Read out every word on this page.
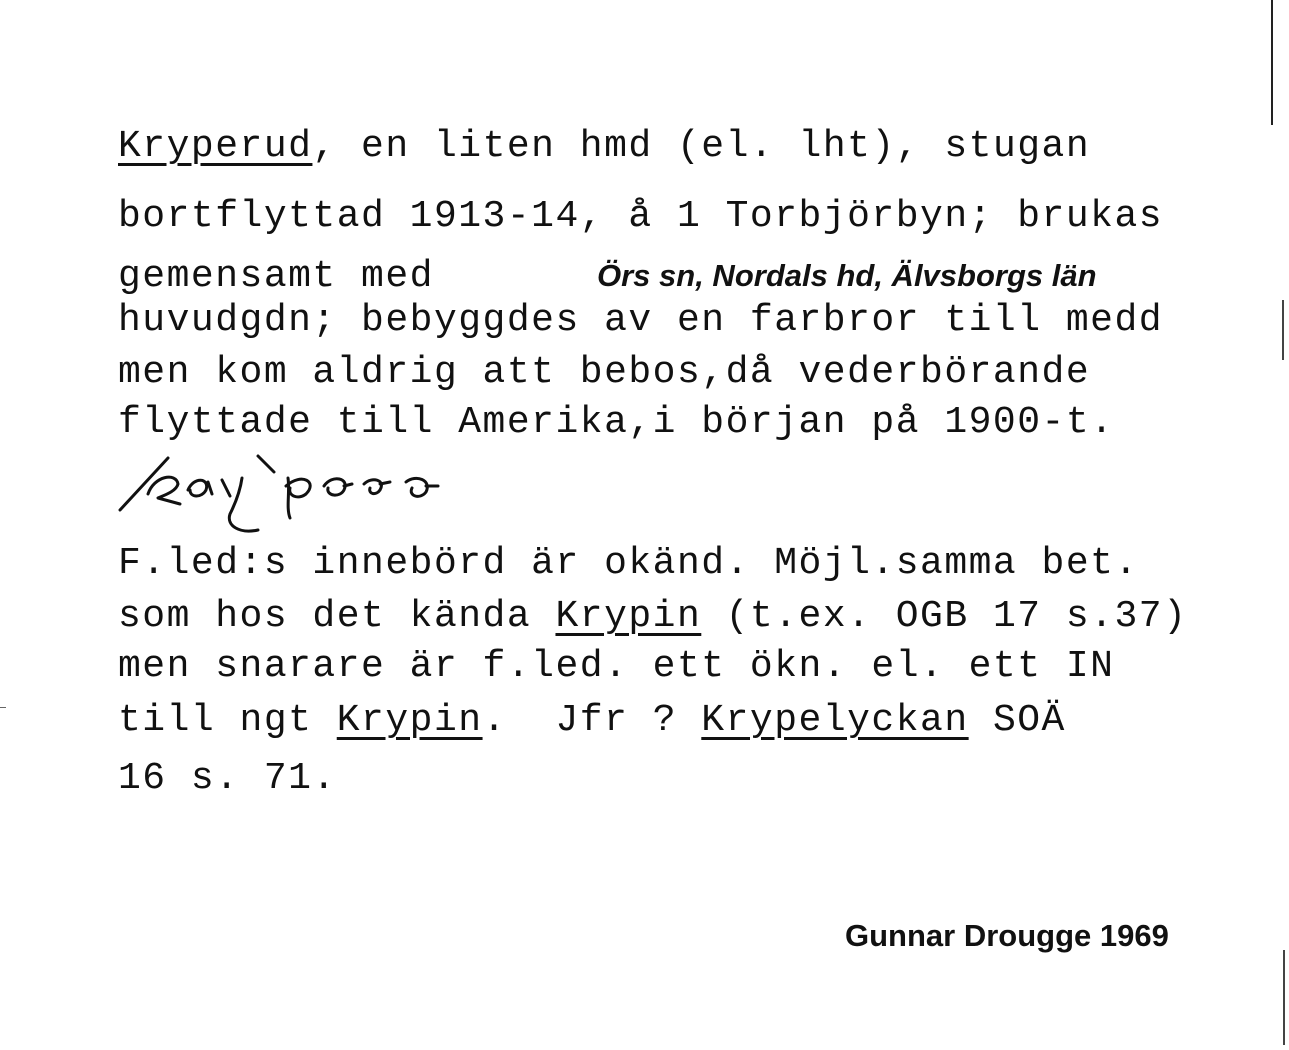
Kryperud, en liten hmd (el. lht), stugan
bortflyttad 1913-14, å 1 Torbjörbyn; brukas
gemensamt med	Örs sn, Nordals hd, Älvsborgs län
huvudgdn; bebyggdes av en farbror till medd
men kom aldrig att bebos,då vederbörande
flyttade till Amerika,i början på 1900-t.
F.led:s innebörd är okänd. Möjl.samma bet.
som hos det kända Krypin (t.ex. OGB 17 s.37)
men snarare är f.led. ett ökn. el. ett IN
till ngt Krypin.  Jfr ? Krypelyckan SOÄ
16 s. 71.
Gunnar Drougge 1969
